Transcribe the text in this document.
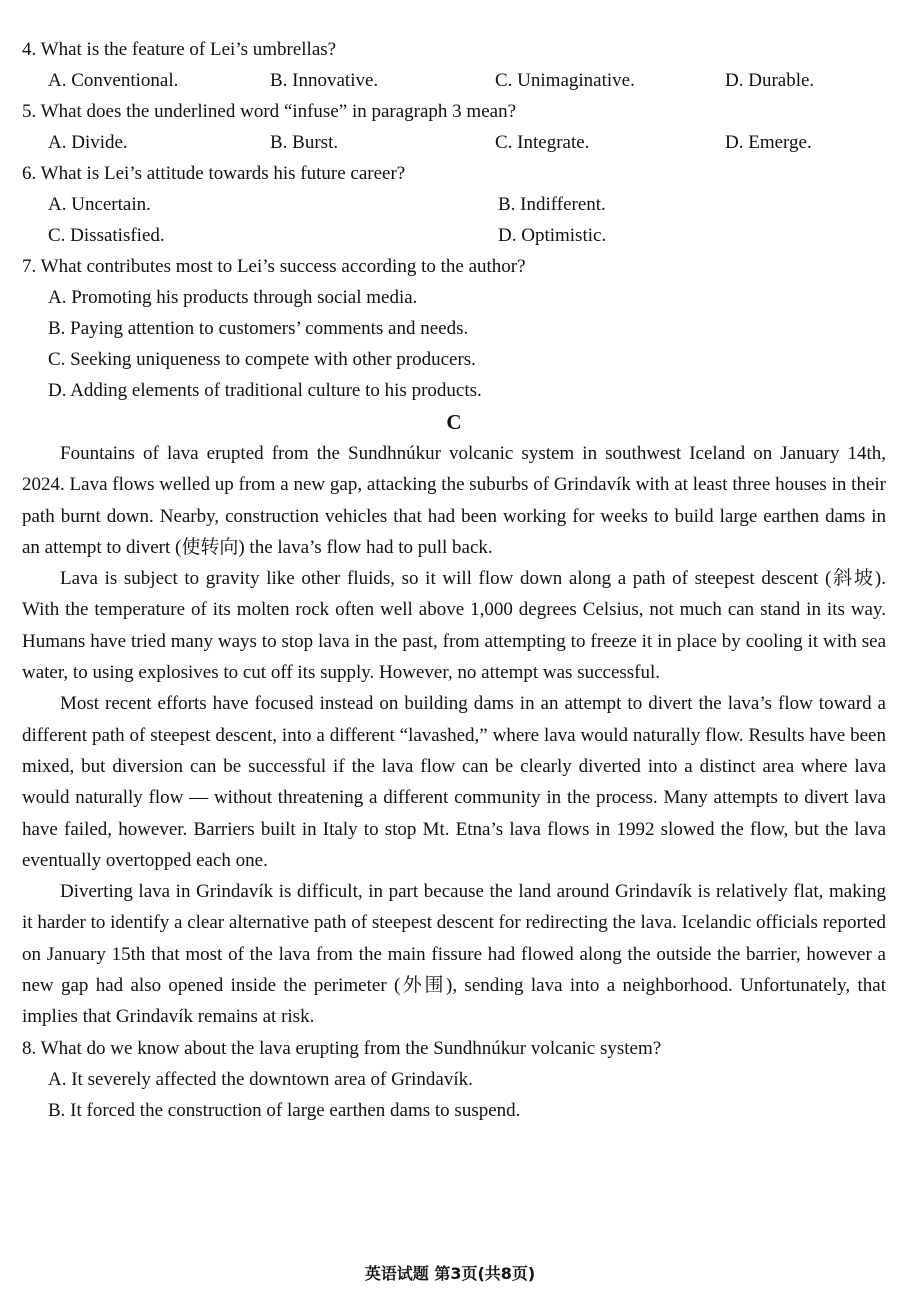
4. What is the feature of Lei’s umbrellas?

A. Conventional.	B. Innovative.	C. Unimaginative.	D. Durable.

5. What does the underlined word “infuse” in paragraph 3 mean?

A. Divide.	B. Burst.	C. Integrate.	D. Emerge.

6. What is Lei’s attitude towards his future career?

A. Uncertain.	B. Indifferent.
C. Dissatisfied.	D. Optimistic.

7. What contributes most to Lei’s success according to the author?

A. Promoting his products through social media.
B. Paying attention to customers’ comments and needs.
C. Seeking uniqueness to compete with other producers.
D. Adding elements of traditional culture to his products.

C

Fountains of lava erupted from the Sundhnúkur volcanic system in southwest Iceland on January 14th, 2024. Lava flows welled up from a new gap, attacking the suburbs of Grindavík with at least three houses in their path burnt down. Nearby, construction vehicles that had been working for weeks to build large earthen dams in an attempt to divert (使转向) the lava’s flow had to pull back.

Lava is subject to gravity like other fluids, so it will flow down along a path of steepest descent (斜坡). With the temperature of its molten rock often well above 1,000 degrees Celsius, not much can stand in its way. Humans have tried many ways to stop lava in the past, from attempting to freeze it in place by cooling it with sea water, to using explosives to cut off its supply. However, no attempt was successful.

Most recent efforts have focused instead on building dams in an attempt to divert the lava’s flow toward a different path of steepest descent, into a different “lavashed,” where lava would naturally flow. Results have been mixed, but diversion can be successful if the lava flow can be clearly diverted into a distinct area where lava would naturally flow — without threatening a different community in the process. Many attempts to divert lava have failed, however. Barriers built in Italy to stop Mt. Etna’s lava flows in 1992 slowed the flow, but the lava eventually overtopped each one.

Diverting lava in Grindavík is difficult, in part because the land around Grindavík is relatively flat, making it harder to identify a clear alternative path of steepest descent for redirecting the lava. Icelandic officials reported on January 15th that most of the lava from the main fissure had flowed along the outside the barrier, however a new gap had also opened inside the perimeter (外围), sending lava into a neighborhood. Unfortunately, that implies that Grindavík remains at risk.

8. What do we know about the lava erupting from the Sundhnúkur volcanic system?

A. It severely affected the downtown area of Grindavík.
B. It forced the construction of large earthen dams to suspend.
英语试题 第3页(共8页)
